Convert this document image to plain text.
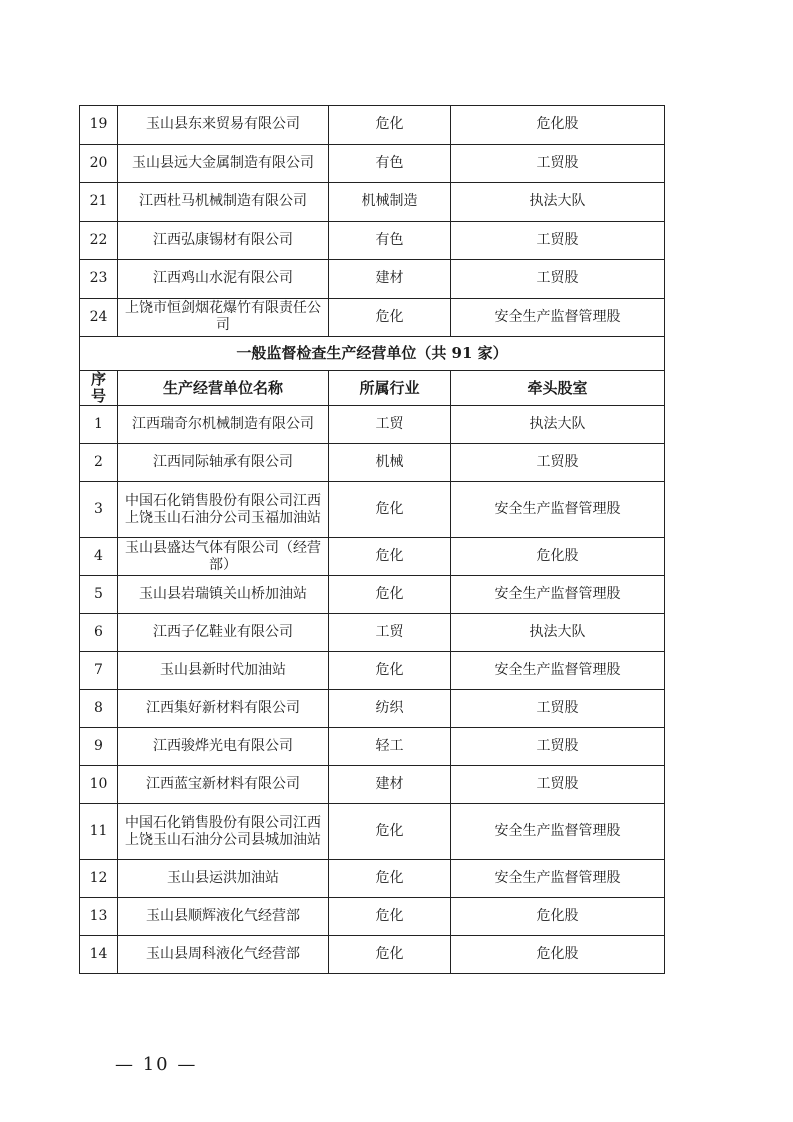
19	玉山县东来贸易有限公司	危化	危化股
20	玉山县远大金属制造有限公司	有色	工贸股
21	江西杜马机械制造有限公司	机械制造	执法大队
22	江西弘康锡材有限公司	有色	工贸股
23	江西鸡山水泥有限公司	建材	工贸股
24	上饶市恒剑烟花爆竹有限责任公司	危化	安全生产监督管理股
一般监督检查生产经营单位（共 91 家）			
序号	生产经营单位名称	所属行业	牵头股室
1	江西瑞奇尔机械制造有限公司	工贸	执法大队
2	江西同际轴承有限公司	机械	工贸股
3	中国石化销售股份有限公司江西上饶玉山石油分公司玉福加油站	危化	安全生产监督管理股
4	玉山县盛达气体有限公司（经营部）	危化	危化股
5	玉山县岩瑞镇关山桥加油站	危化	安全生产监督管理股
6	江西子亿鞋业有限公司	工贸	执法大队
7	玉山县新时代加油站	危化	安全生产监督管理股
8	江西集好新材料有限公司	纺织	工贸股
9	江西骏烨光电有限公司	轻工	工贸股
10	江西蓝宝新材料有限公司	建材	工贸股
11	中国石化销售股份有限公司江西上饶玉山石油分公司县城加油站	危化	安全生产监督管理股
12	玉山县运洪加油站	危化	安全生产监督管理股
13	玉山县顺辉液化气经营部	危化	危化股
14	玉山县周科液化气经营部	危化	危化股
— 10 —
